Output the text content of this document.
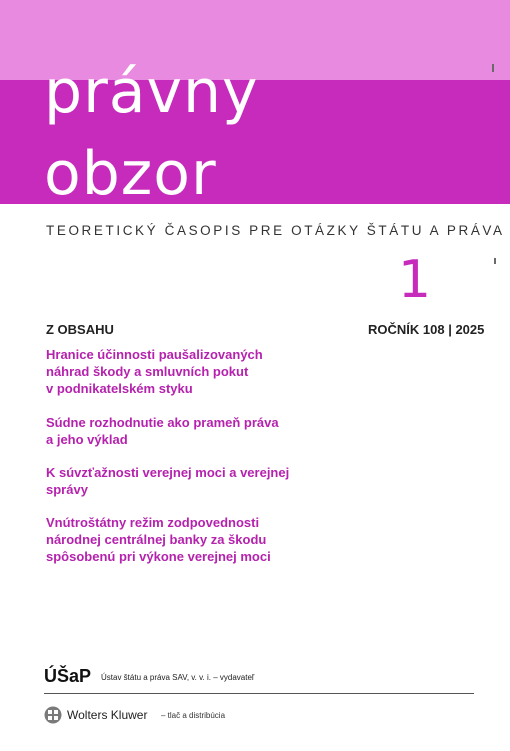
právny
obzor
TEORETICKÝ ČASOPIS PRE OTÁZKY ŠTÁTU A PRÁVA
1
ROČNÍK 108 | 2025
Z OBSAHU
Hranice účinnosti paušalizovaných
náhrad škody a smluvních pokut
v podnikatelském styku
Súdne rozhodnutie ako prameň práva
a jeho výklad
K súvzťažnosti verejnej moci a verejnej
správy
Vnútroštátny režim zodpovednosti
národnej centrálnej banky za škodu
spôsobenú pri výkone verejnej moci
ÚŠaP Ústav štátu a práva SAV, v. v. i. – vydavateľ
Wolters Kluwer – tlač a distribúcia
